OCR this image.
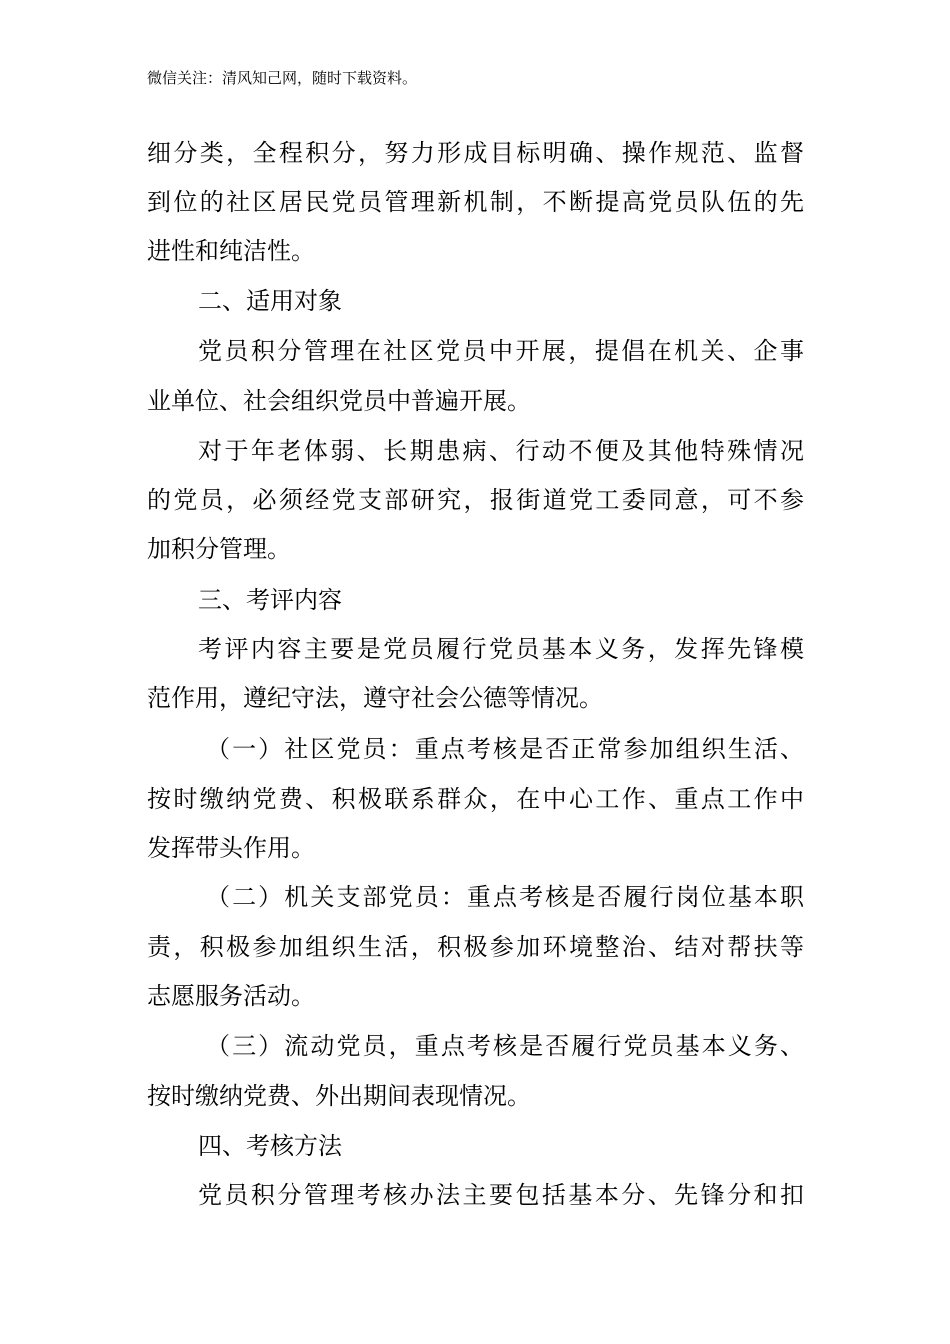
微信关注：清风知己网，随时下载资料。
细分类，全程积分，努力形成目标明确、操作规范、监督
到位的社区居民党员管理新机制，不断提高党员队伍的先
进性和纯洁性。
二、适用对象
党员积分管理在社区党员中开展，提倡在机关、企事
业单位、社会组织党员中普遍开展。
对于年老体弱、长期患病、行动不便及其他特殊情况
的党员，必须经党支部研究，报街道党工委同意，可不参
加积分管理。
三、考评内容
考评内容主要是党员履行党员基本义务，发挥先锋模
范作用，遵纪守法，遵守社会公德等情况。
（一）社区党员：重点考核是否正常参加组织生活、
按时缴纳党费、积极联系群众，在中心工作、重点工作中
发挥带头作用。
（二）机关支部党员：重点考核是否履行岗位基本职
责，积极参加组织生活，积极参加环境整治、结对帮扶等
志愿服务活动。
（三）流动党员，重点考核是否履行党员基本义务、
按时缴纳党费、外出期间表现情况。
四、考核方法
党员积分管理考核办法主要包括基本分、先锋分和扣
